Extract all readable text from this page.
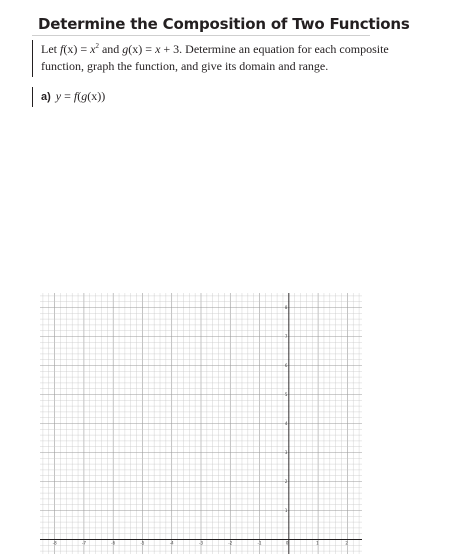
Determine the Composition of Two Functions

Let $f(x) = x^2$ and g(x) = x + 3. Determine an equation for each composite

function, graph the function, and give its domain and range.

a) y = f(g(x))
-8	-7	-6	-5	-4	-3	-2	-1	0	1	2
8
7
6
5
4
3
2
1
